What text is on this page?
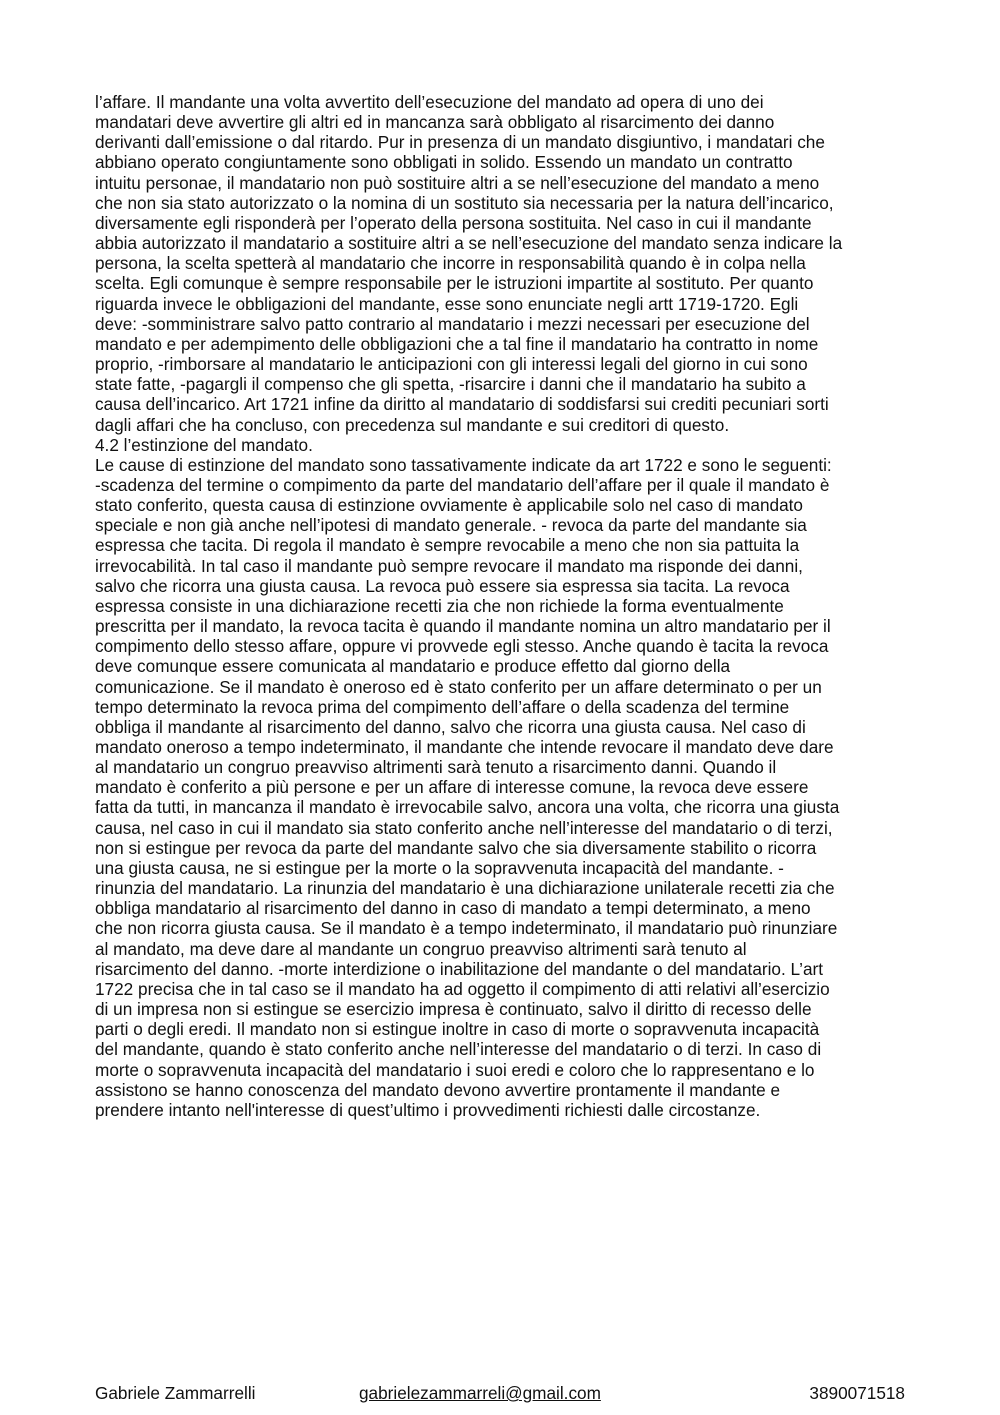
l’affare. Il mandante una volta avvertito dell’esecuzione del mandato ad opera di uno dei
mandatari deve avvertire gli altri ed in mancanza sarà obbligato al risarcimento dei danno
derivanti dall’emissione o dal ritardo. Pur in presenza di un mandato disgiuntivo, i mandatari che
abbiano operato congiuntamente sono obbligati in solido. Essendo un mandato un contratto
intuitu personae, il mandatario non può sostituire altri a se nell’esecuzione del mandato a meno
che non sia stato autorizzato o la nomina di un sostituto sia necessaria per la natura dell’incarico,
diversamente egli risponderà per l’operato della persona sostituita. Nel caso in cui il mandante
abbia autorizzato il mandatario a sostituire altri a se nell’esecuzione del mandato senza indicare la
persona, la scelta spetterà al mandatario che incorre in responsabilità quando è in colpa nella
scelta. Egli comunque è sempre responsabile per le istruzioni impartite al sostituto. Per quanto
riguarda invece le obbligazioni del mandante, esse sono enunciate negli artt 1719-1720. Egli
deve: -somministrare salvo patto contrario al mandatario i mezzi necessari per esecuzione del
mandato e per adempimento delle obbligazioni che a tal fine il mandatario ha contratto in nome
proprio, -rimborsare al mandatario le anticipazioni con gli interessi legali del giorno in cui sono
state fatte, -pagargli il compenso che gli spetta, -risarcire i danni che il mandatario ha subito a
causa dell’incarico. Art 1721 infine da diritto al mandatario di soddisfarsi sui crediti pecuniari sorti
dagli affari che ha concluso, con precedenza sul mandante e sui creditori di questo.
4.2 l’estinzione del mandato.
Le cause di estinzione del mandato sono tassativamente indicate da art 1722 e sono le seguenti:
-scadenza del termine o compimento da parte del mandatario dell’affare per il quale il mandato è
stato conferito, questa causa di estinzione ovviamente è applicabile solo nel caso di mandato
speciale e non già anche nell’ipotesi di mandato generale. - revoca da parte del mandante sia
espressa che tacita. Di regola il mandato è sempre revocabile a meno che non sia pattuita la
irrevocabilità. In tal caso il mandante può sempre revocare il mandato ma risponde dei danni,
salvo che ricorra una giusta causa. La revoca può essere sia espressa sia tacita. La revoca
espressa consiste in una dichiarazione recetti zia che non richiede la forma eventualmente
prescritta per il mandato, la revoca tacita è quando il mandante nomina un altro mandatario per il
compimento dello stesso affare, oppure vi provvede egli stesso. Anche quando è tacita la revoca
deve comunque essere comunicata al mandatario e produce effetto dal giorno della
comunicazione. Se il mandato è oneroso ed è stato conferito per un affare determinato o per un
tempo determinato la revoca prima del compimento dell’affare o della scadenza del termine
obbliga il mandante al risarcimento del danno, salvo che ricorra una giusta causa. Nel caso di
mandato oneroso a tempo indeterminato, il mandante che intende revocare il mandato deve dare
al mandatario un congruo preavviso altrimenti sarà tenuto a risarcimento danni. Quando il
mandato è conferito a più persone e per un affare di interesse comune, la revoca deve essere
fatta da tutti, in mancanza il mandato è irrevocabile salvo, ancora una volta, che ricorra una giusta
causa, nel caso in cui il mandato sia stato conferito anche nell’interesse del mandatario o di terzi,
non si estingue per revoca da parte del mandante salvo che sia diversamente stabilito o ricorra
una giusta causa, ne si estingue per la morte o la sopravvenuta incapacità del mandante. -
rinunzia del mandatario. La rinunzia del mandatario è una dichiarazione unilaterale recetti zia che
obbliga mandatario al risarcimento del danno in caso di mandato a tempi determinato, a meno
che non ricorra giusta causa. Se il mandato è a tempo indeterminato, il mandatario può rinunziare
al mandato, ma deve dare al mandante un congruo preavviso altrimenti sarà tenuto al
risarcimento del danno. -morte interdizione o inabilitazione del mandante o del mandatario. L’art
1722 precisa che in tal caso se il mandato ha ad oggetto il compimento di atti relativi all’esercizio
di un impresa non si estingue se esercizio impresa è continuato, salvo il diritto di recesso delle
parti o degli eredi. Il mandato non si estingue inoltre in caso di morte o sopravvenuta incapacità
del mandante, quando è stato conferito anche nell’interesse del mandatario o di terzi. In caso di
morte o sopravvenuta incapacità del mandatario i suoi eredi e coloro che lo rappresentano e lo
assistono se hanno conoscenza del mandato devono avvertire prontamente il mandante e
prendere intanto nell'interesse di quest’ultimo i provvedimenti richiesti dalle circostanze.
Gabriele Zammarrelli	gabrielezammarreli@gmail.com	3890071518
